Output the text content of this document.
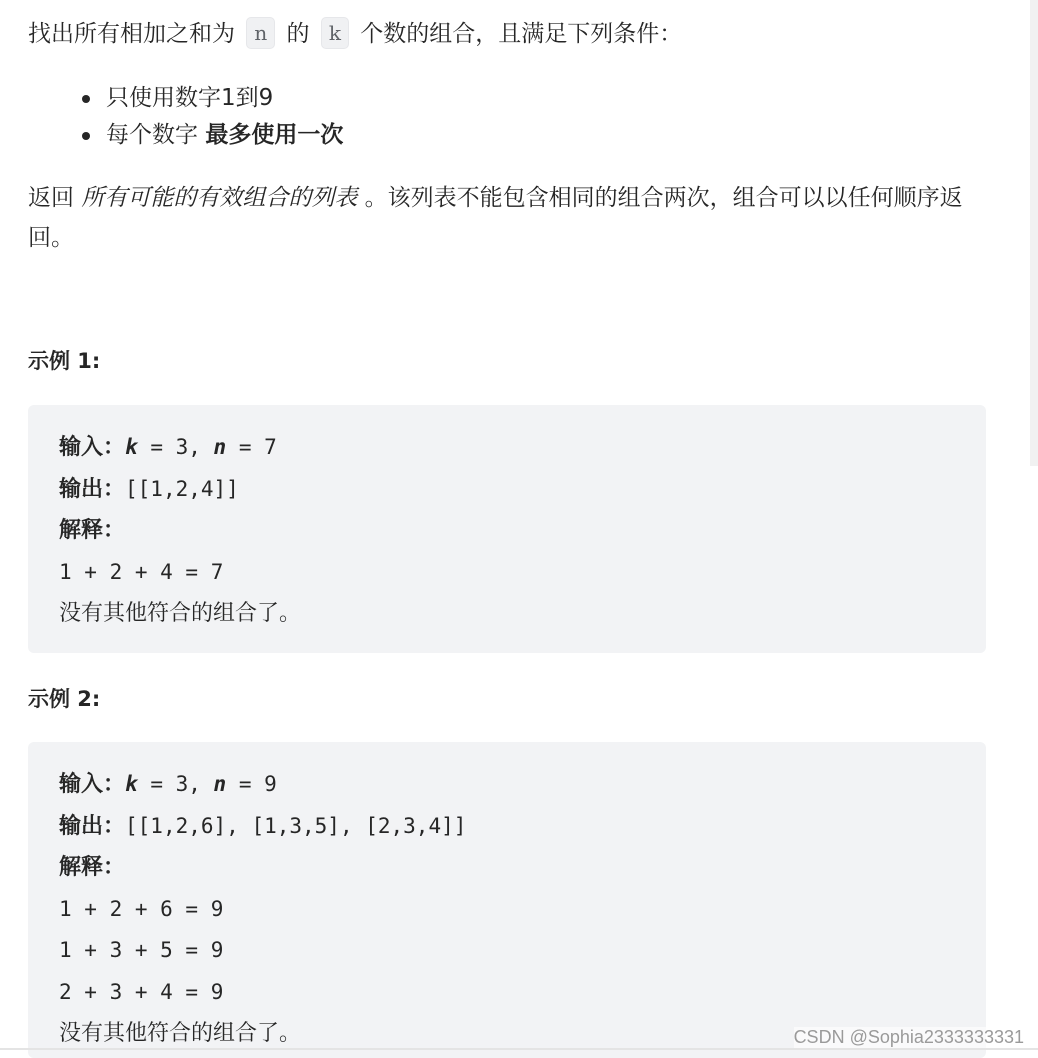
找出所有相加之和为 n 的 k 个数的组合，且满足下列条件：
只使用数字1到9
每个数字 最多使用一次
返回 所有可能的有效组合的列表 。该列表不能包含相同的组合两次，组合可以以任何顺序返回。
示例 1:
输入：k = 3, n = 7
输出：[[1,2,4]]
解释：
1 + 2 + 4 = 7
没有其他符合的组合了。
示例 2:
输入：k = 3, n = 9
输出：[[1,2,6], [1,3,5], [2,3,4]]
解释：
1 + 2 + 6 = 9
1 + 3 + 5 = 9
2 + 3 + 4 = 9
没有其他符合的组合了。	CSDN @Sophia2333333331
